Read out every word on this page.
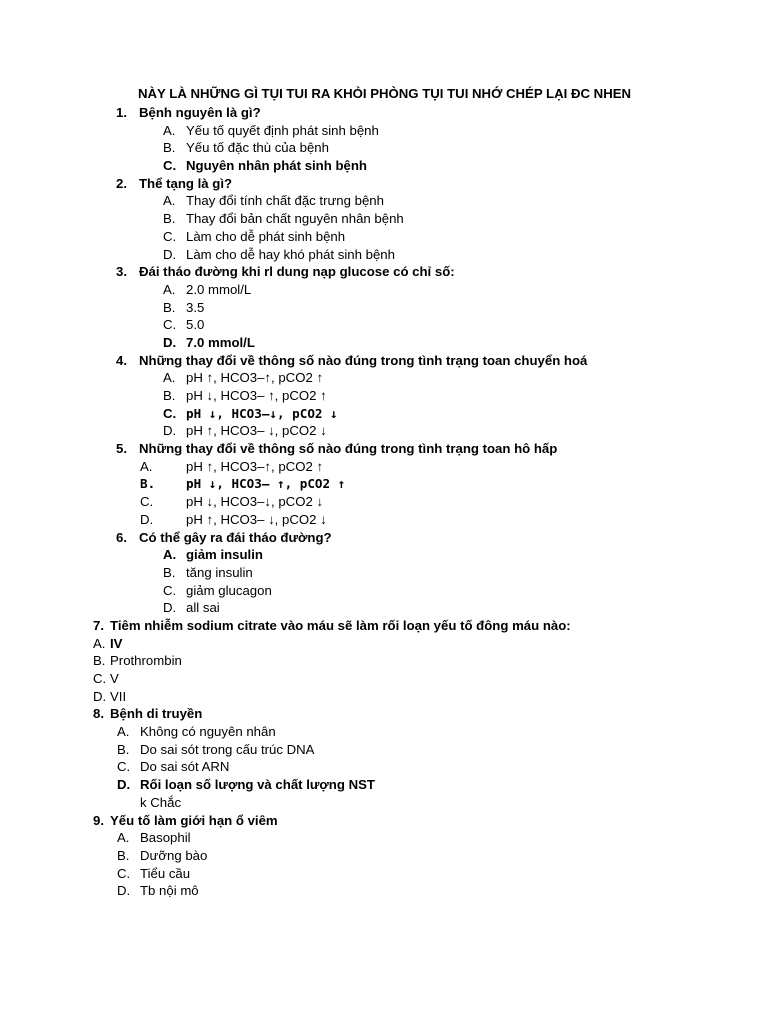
NÀY LÀ NHỮNG GÌ TỤI TUI RA KHỎI PHÒNG TỤI TUI NHỚ CHÉP LẠI ĐC NHEN
1. Bệnh nguyên là gì?
A. Yếu tố quyết định phát sinh bệnh
B. Yếu tố đặc thù của bệnh
C. Nguyên nhân phát sinh bệnh
2. Thể tạng là gì?
A. Thay đổi tính chất đặc trưng bệnh
B. Thay đổi bản chất nguyên nhân bệnh
C. Làm cho dễ phát sinh bệnh
D. Làm cho dễ hay khó phát sinh bệnh
3. Đái tháo đường khi rl dung nạp glucose có chỉ số:
A. 2.0 mmol/L
B. 3.5
C. 5.0
D. 7.0 mmol/L
4. Những thay đổi về thông số nào đúng trong tình trạng toan chuyển hoá
A. pH ↑, HCO3–↑, pCO2 ↑
B. pH ↓, HCO3– ↑, pCO2 ↑
C. pH ↓, HCO3–↓, pCO2 ↓
D. pH ↑, HCO3– ↓, pCO2 ↓
5. Những thay đổi về thông số nào đúng trong tình trạng toan hô hấp
A.	pH ↑, HCO3–↑, pCO2 ↑
B. pH ↓, HCO3– ↑, pCO2 ↑
C. pH ↓, HCO3–↓, pCO2 ↓
D. pH ↑, HCO3– ↓, pCO2 ↓
6. Có thể gây ra đái tháo đường?
A. giảm insulin
B. tăng insulin
C. giảm glucagon
D. all sai
7. Tiêm nhiễm sodium citrate vào máu sẽ làm rối loạn yếu tố đông máu nào:
A. IV
B. Prothrombin
C. V
D. VII
8. Bệnh di truyền
A. Không có nguyên nhân
B. Do sai sót trong cấu trúc DNA
C. Do sai sót ARN
D. Rối loạn số lượng và chất lượng NST
k Chắc
9. Yếu tố làm giới hạn ổ viêm
A. Basophil
B. Dưỡng bào
C. Tiểu cầu
D. Tb nội mô
